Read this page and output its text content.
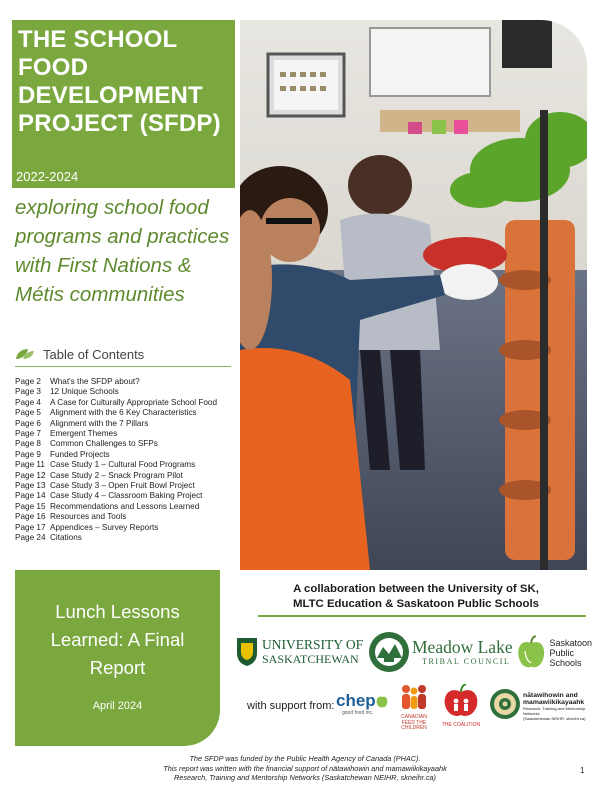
THE SCHOOL
FOOD
DEVELOPMENT
PROJECT (SFDP)
2022-2024
exploring school food programs and practices with First Nations & Métis communities
Table of Contents
Page 2	What's the SFDP about?
Page 3	12 Unique Schools
Page 4	A Case for Culturally Appropriate School Food
Page 5	Alignment with the 6 Key Characteristics
Page 6	Alignment with the 7 Pillars
Page 7	Emergent Themes
Page 8	Common Challenges to SFPs
Page 9	Funded Projects
Page 11 Case Study 1 – Cultural Food Programs
Page 12 Case Study 2 – Snack Program Pilot
Page 13 Case Study 3 – Open Fruit Bowl Project
Page 14 Case Study 4 – Classroom Baking Project
Page 15 Recommendations and Lessons Learned
Page 16 Resources and Tools
Page 17 Appendices – Survey Reports
Page 24 Citations
Lunch Lessons
Learned: A Final
Report
April 2024
A collaboration between the University of SK,
MLTC Education & Saskatoon Public Schools
UNIVERSITY OF
SASKATCHEWAN
Meadow Lake
TRIBAL COUNCIL
Saskatoon
Public
Schools
with support from: chep
good food inc.
CANADIAN
FEED THE
CHILDREN
THE COALITION
nātawihowin and
mamawiikikayaahk
Research, Training and Mentorship Networks
(Saskatchewan NEIHR, skneihr.ca)
The SFDP was funded by the Public Health Agency of Canada (PHAC).
This report was written with the financial support of nātawihowin and mamawiikikayaahk
Research, Training and Mentorship Networks (Saskatchewan NEIHR, skneihr.ca)
1
